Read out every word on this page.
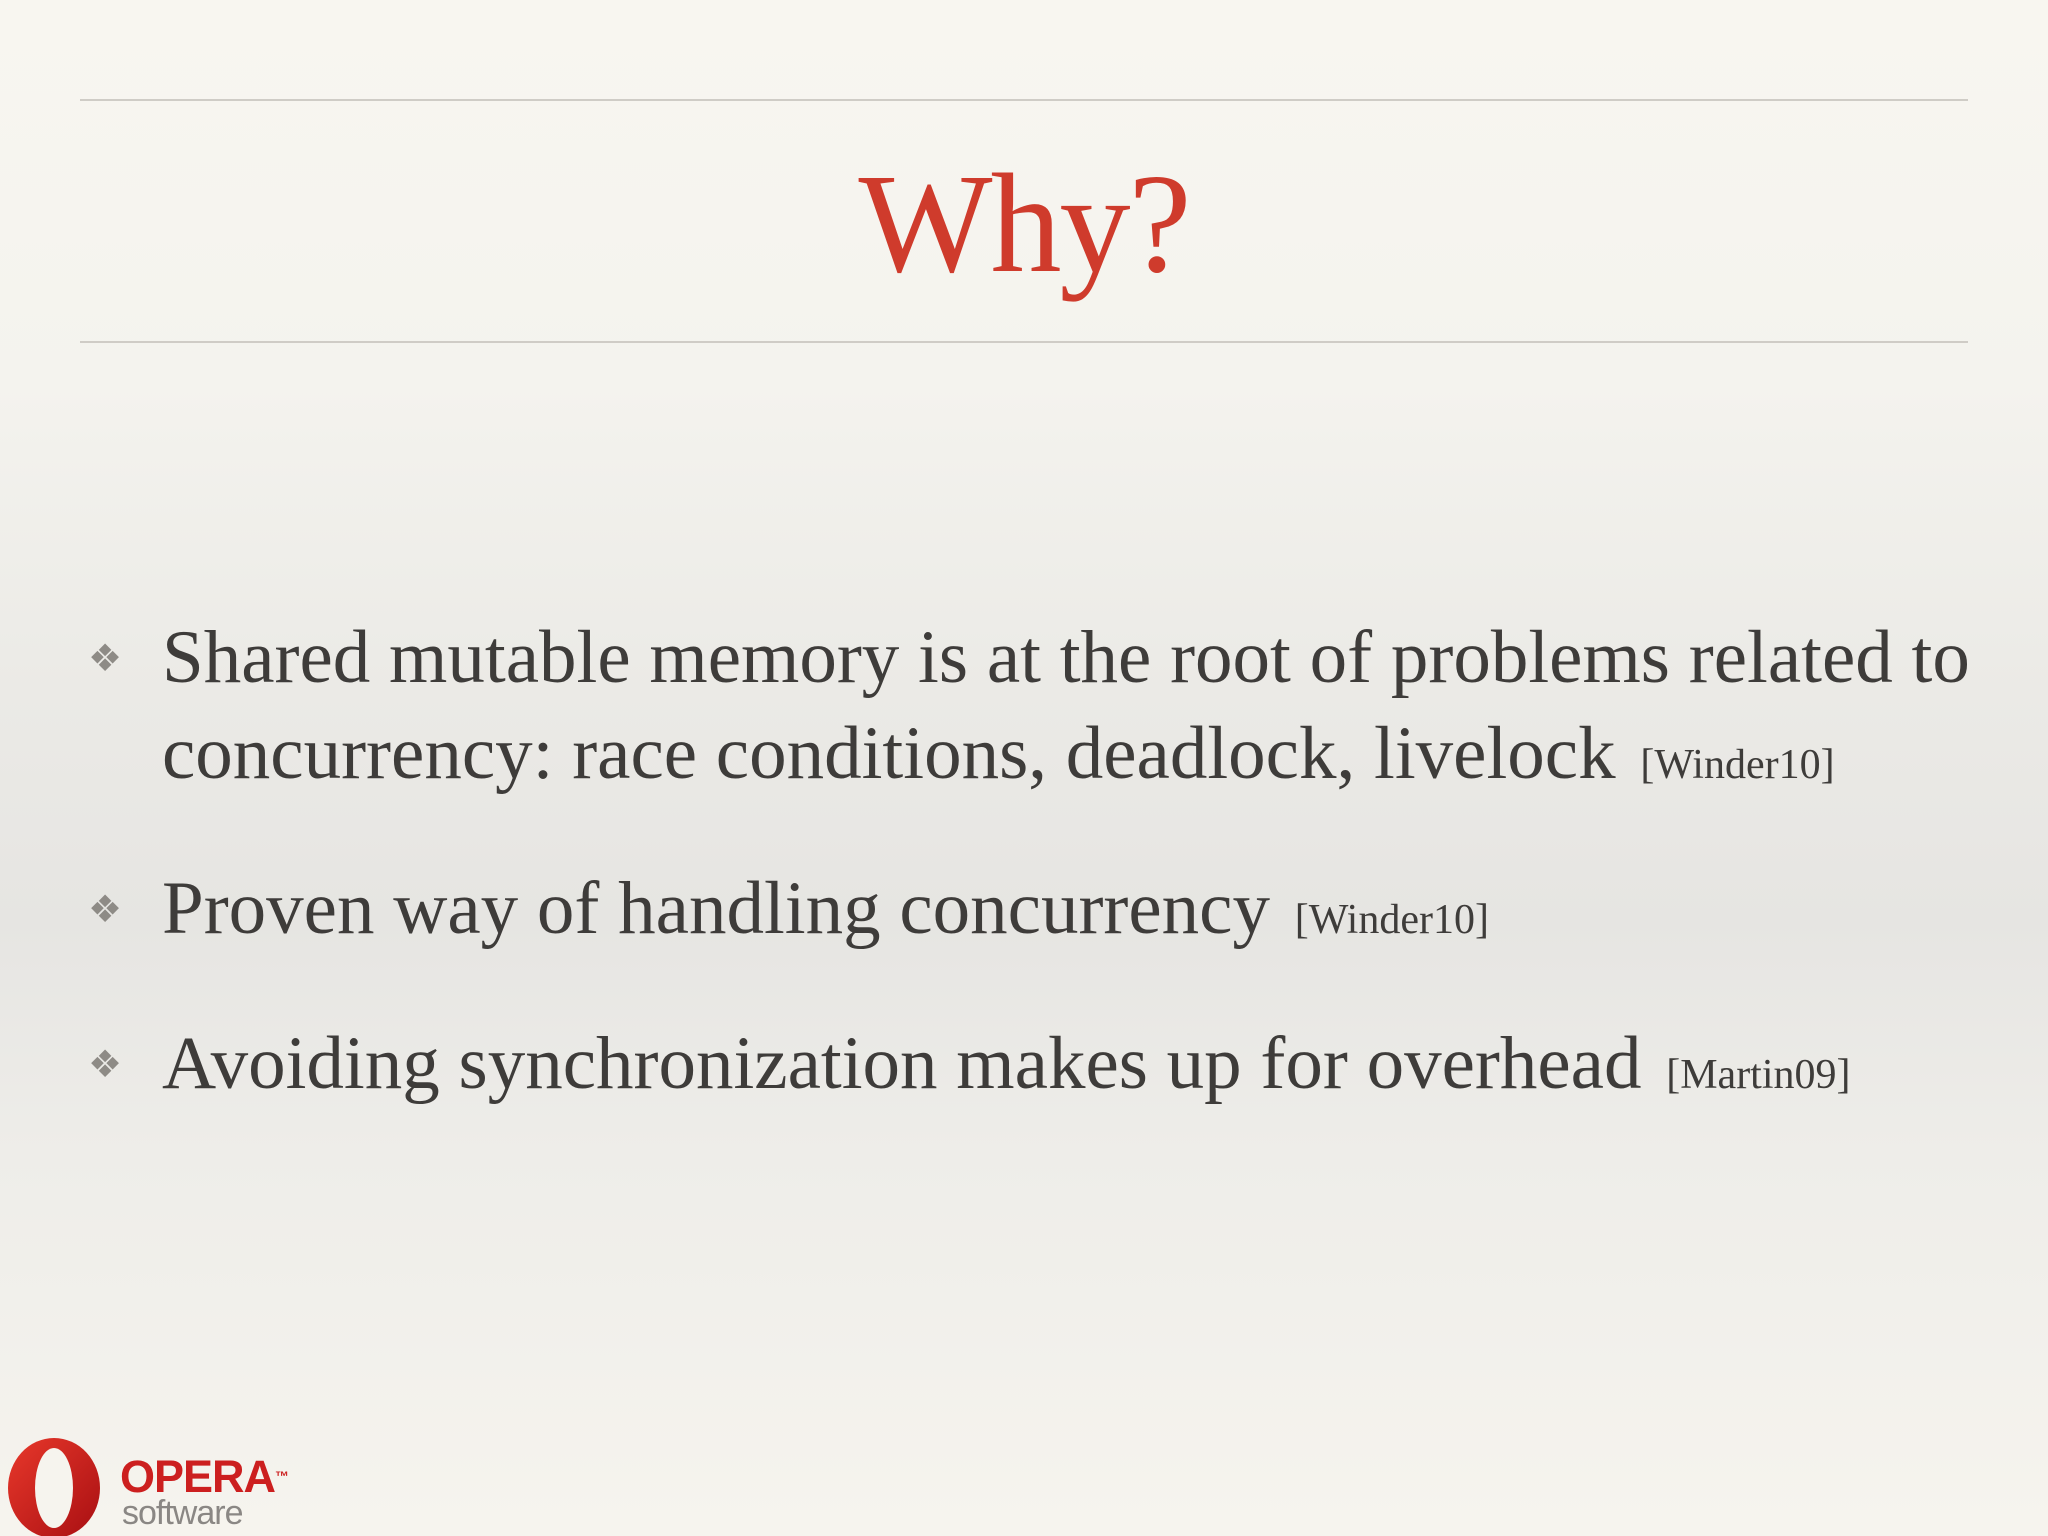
Why?
❖ Shared mutable memory is at the root of problems related to concurrency: race conditions, deadlock, livelock [Winder10]
❖ Proven way of handling concurrency [Winder10]
❖ Avoiding synchronization makes up for overhead [Martin09]
OPERA™
software
